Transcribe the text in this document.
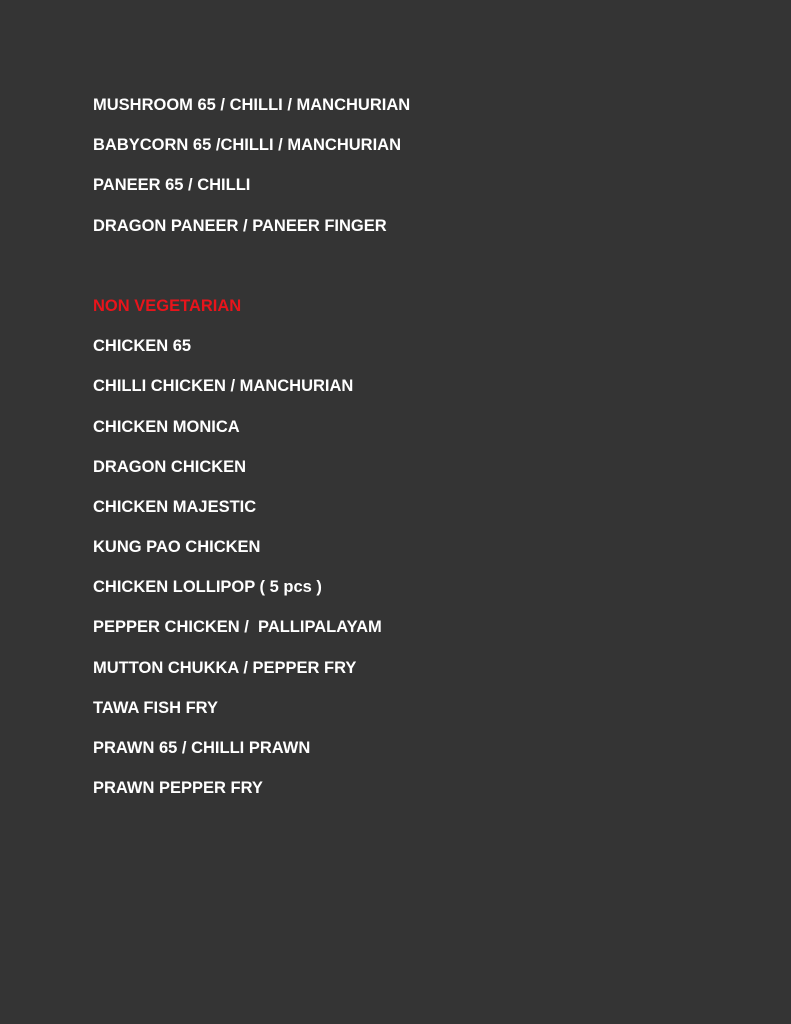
MUSHROOM 65 / CHILLI / MANCHURIAN
BABYCORN 65 /CHILLI / MANCHURIAN
PANEER 65 / CHILLI
DRAGON PANEER / PANEER FINGER
NON VEGETARIAN
CHICKEN 65
CHILLI CHICKEN / MANCHURIAN
CHICKEN MONICA
DRAGON CHICKEN
CHICKEN MAJESTIC
KUNG PAO CHICKEN
CHICKEN LOLLIPOP ( 5 pcs )
PEPPER CHICKEN /  PALLIPALAYAM
MUTTON CHUKKA / PEPPER FRY
TAWA FISH FRY
PRAWN 65 / CHILLI PRAWN
PRAWN PEPPER FRY
